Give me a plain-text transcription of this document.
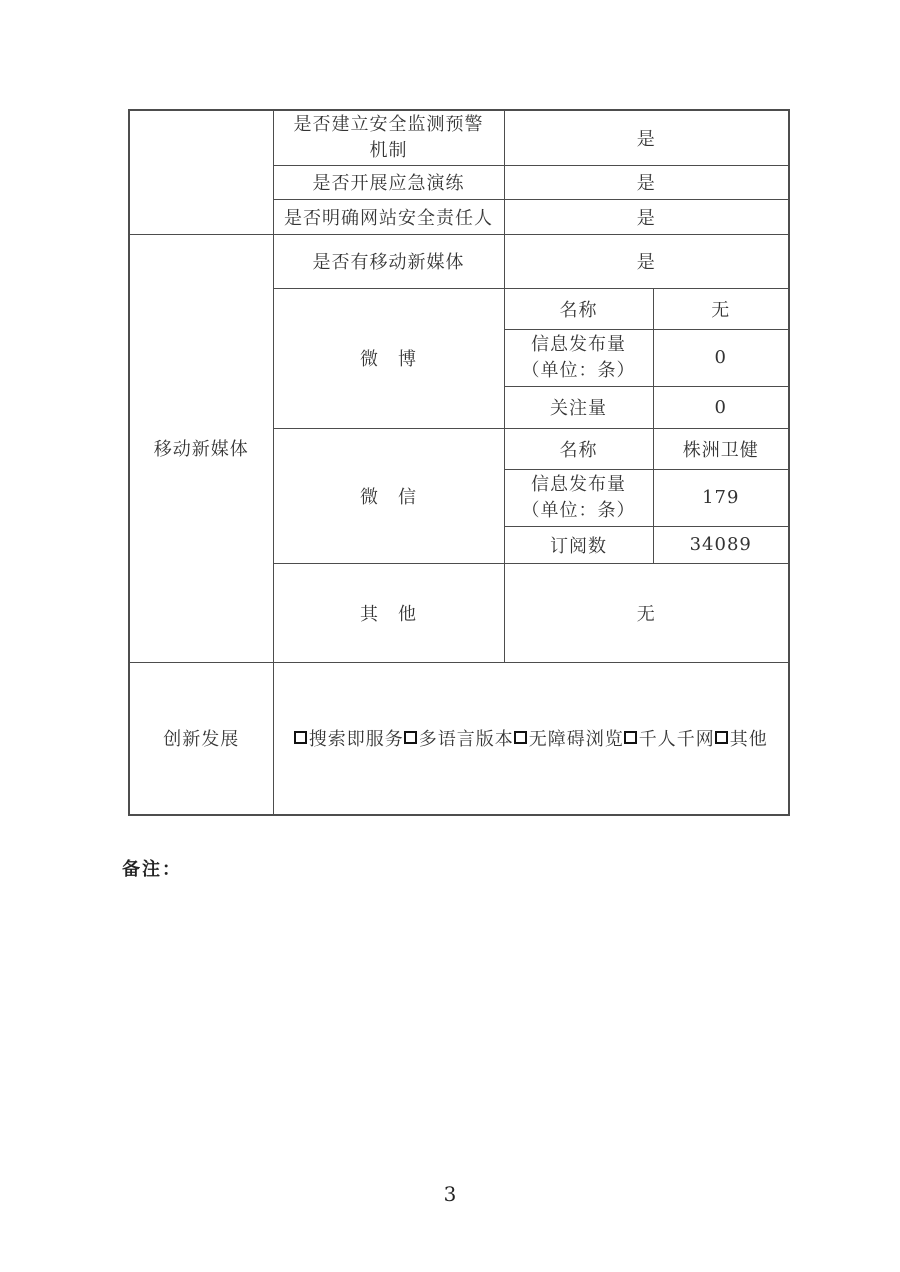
	是否建立安全监测预警
机制	是	
	是否开展应急演练	是	
	是否明确网站安全责任人	是	
移动新媒体	是否有移动新媒体	是	
	微　博	名称	无
		信息发布量
（单位：条）	0
		关注量	0
	微　信	名称	株洲卫健
		信息发布量
（单位：条）	179
		订阅数	34089
	其　他	无	
创新发展	搜索即服务 多语言版本 无障碍浏览 千人千网 其他		
备注：
3
